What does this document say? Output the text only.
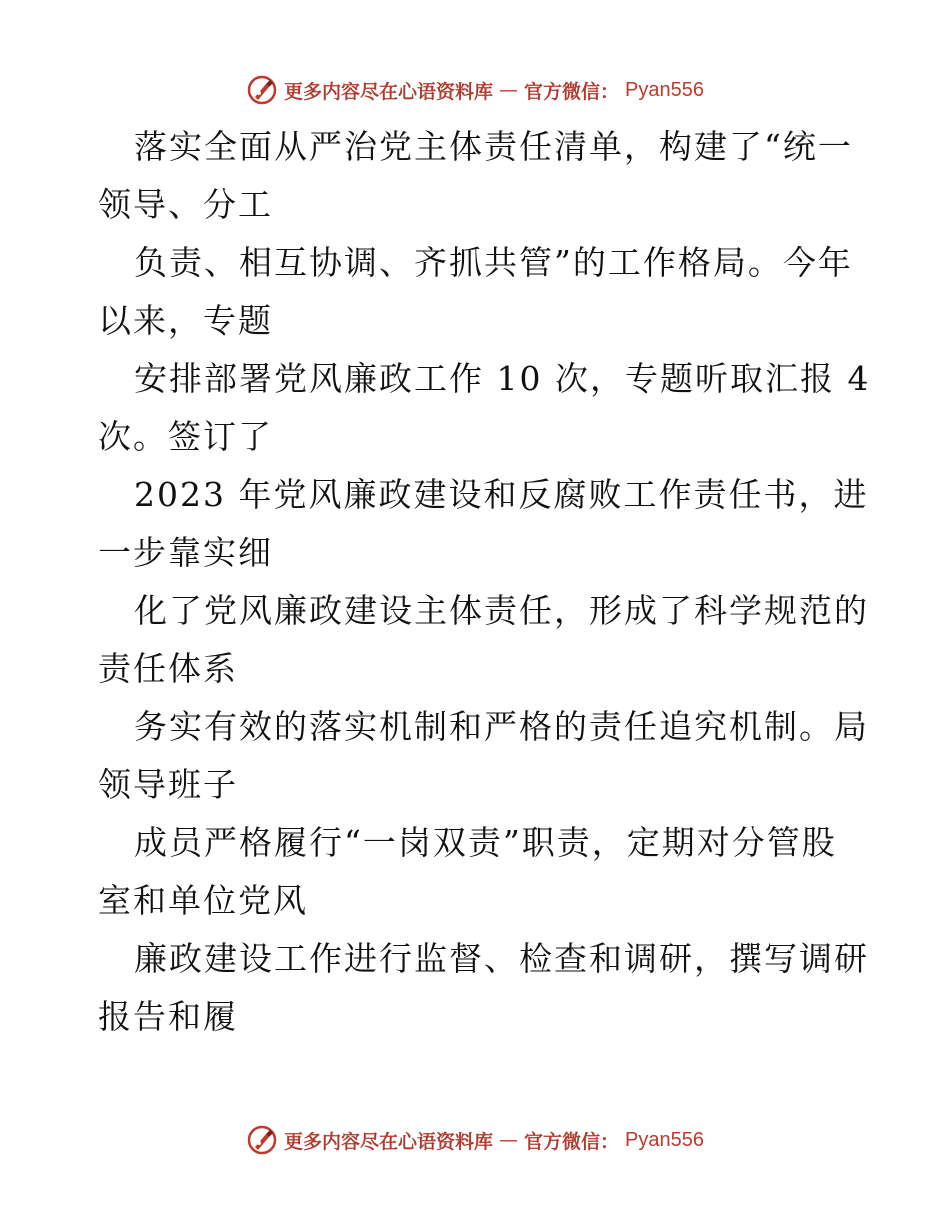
更多内容尽在心语资料库 — 官方微信： Pyan556

落实全面从严治党主体责任清单，构建了“统一
领导、分工

负责、相互协调、齐抓共管”的工作格局。今年
以来，专题

安排部署党风廉政工作 10 次，专题听取汇报 4
次。签订了

2023 年党风廉政建设和反腐败工作责任书，进
一步靠实细

化了党风廉政建设主体责任，形成了科学规范的
责任体系

务实有效的落实机制和严格的责任追究机制。局
领导班子

成员严格履行“一岗双责”职责，定期对分管股
室和单位党风

廉政建设工作进行监督、检查和调研，撰写调研
报告和履

更多内容尽在心语资料库 — 官方微信： Pyan556
